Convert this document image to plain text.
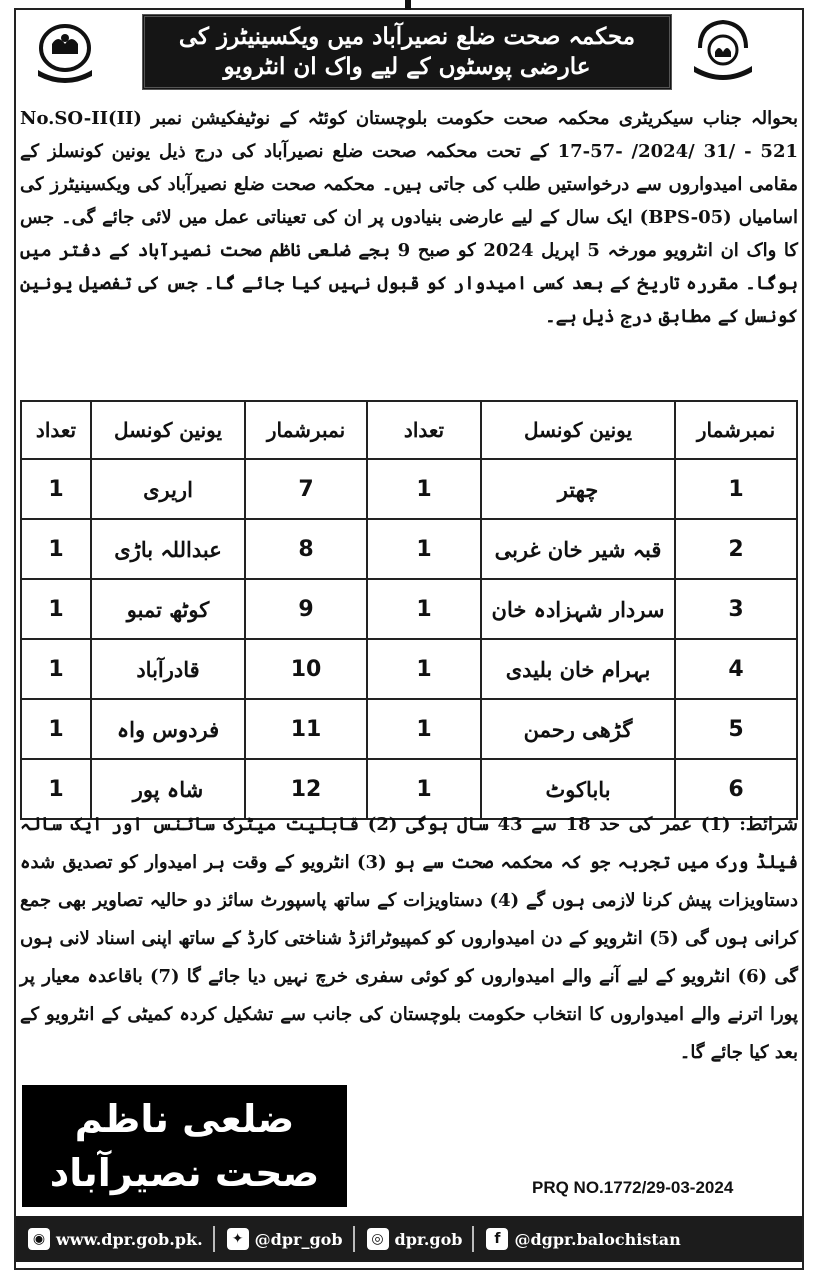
محکمہ صحت ضلع نصیرآباد میں ویکسینیٹرز کی عارضی پوسٹوں کے لیے واک ان انٹرویو
بحوالہ جناب سیکریٹری محکمہ صحت حکومت بلوچستان کوئٹہ کے نوٹیفکیشن نمبر No.SO-II(II) 17-57- /2024/ 31/ - 521 کے تحت محکمہ صحت ضلع نصیرآباد کی درج ذیل یونین کونسلز کے مقامی امیدواروں سے درخواستیں طلب کی جاتی ہیں۔ محکمہ صحت ضلع نصیرآباد کی ویکسینیٹرز کی اسامیاں (BPS-05) ایک سال کے لیے عارضی بنیادوں پر ان کی تعیناتی عمل میں لائی جائے گی۔ جس کا واک ان انٹرویو مورخہ 5 اپریل 2024 کو صبح 9 بجے ضلعی ناظم صحت نصیرآباد کے دفتر میں ہوگا۔ مقررہ تاریخ کے بعد کسی امیدوار کو قبول نہیں کیا جائے گا۔ جس کی تفصیل یونین کونسل کے مطابق درج ذیل ہے۔
نمبرشمار	یونین کونسل	تعداد	نمبرشمار	یونین کونسل	تعداد
1	چھتر	1	7	اریری	1
2	قبہ شیر خان غربی	1	8	عبداللہ باڑی	1
3	سردار شہزادہ خان	1	9	کوٹھ تمبو	1
4	بہرام خان بلیدی	1	10	قادرآباد	1
5	گڑھی رحمن	1	11	فردوس واہ	1
6	باباکوٹ	1	12	شاہ پور	1
شرائط: (1) عمر کی حد 18 سے 43 سال ہوگی (2) قابلیت میٹرک سائنس اور ایک سالہ فیلڈ ورک میں تجربہ جو کہ محکمہ صحت سے ہو (3) انٹرویو کے وقت ہر امیدوار کو تصدیق شدہ دستاویزات پیش کرنا لازمی ہوں گے (4) دستاویزات کے ساتھ پاسپورٹ سائز دو حالیہ تصاویر بھی جمع کرانی ہوں گی (5) انٹرویو کے دن امیدواروں کو کمپیوٹرائزڈ شناختی کارڈ کے ساتھ اپنی اسناد لانی ہوں گی (6) انٹرویو کے لیے آنے والے امیدواروں کو کوئی سفری خرچ نہیں دیا جائے گا (7) باقاعدہ معیار پر پورا اترنے والے امیدواروں کا انتخاب حکومت بلوچستان کی جانب سے تشکیل کردہ کمیٹی کے انٹرویو کے بعد کیا جائے گا۔
ضلعی ناظم
صحت نصیرآباد	PRQ NO.1772/29-03-2024
◉ www.dpr.gob.pk.	✦ @dpr_gob	◎ dpr.gob	f @dgpr.balochistan
